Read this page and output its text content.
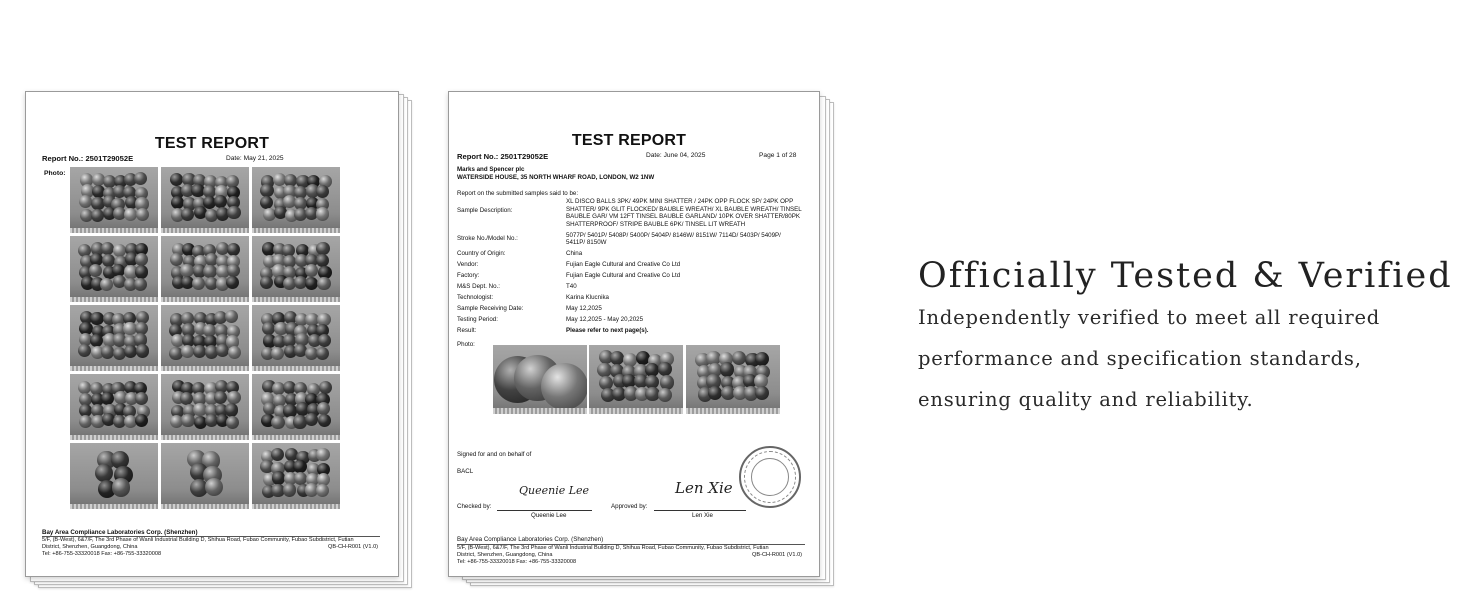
TEST REPORT
Report No.: 2501T29052E	Date: May 21, 2025
Photo:
Bay Area Compliance Laboratories Corp. (Shenzhen)
5/F, (B-West), 6&7/F, The 3rd Phase of Wanli Industrial Building D, Shihua Road, Fubao Community, Fubao Subdistrict, Futian
District, Shenzhen, Guangdong, China	QB-CH-R001 (V1.0)
Tel: +86-755-33320018 Fax: +86-755-33320008
TEST REPORT
Report No.: 2501T29052E	Date: June 04, 2025	Page 1 of 28
Marks and Spencer plc
WATERSIDE HOUSE, 35 NORTH WHARF ROAD, LONDON, W2 1NW
Report on the submitted samples said to be:
Sample Description:
XL DISCO BALLS 3PK/ 49PK MINI SHATTER / 24PK OPP FLOCK SP/ 24PK OPP
SHATTER/ 9PK GLIT FLOCKED/ BAUBLE WREATH/ XL BAUBLE WREATH/ TINSEL
BAUBLE GAR/ VM 12FT TINSEL BAUBLE GARLAND/ 10PK OVER SHATTER/80PK
SHATTERPROOF/ STRIPE BAUBLE 6PK/ TINSEL LIT WREATH
Stroke No./Model No.:	5077P/ 5401P/ 5408P/ 5400P/ 5404P/ 8146W/ 8151W/ 7114D/ 5403P/ 5409P/
5411P/ 8150W
Country of Origin:	China
Vendor:	Fujian Eagle Cultural and Creative Co Ltd
Factory:	Fujian Eagle Cultural and Creative Co Ltd
M&S Dept. No.:	T40
Technologist:	Karina Klucnika
Sample Receiving Date:	May 12,2025
Testing Period:	May 12,2025 - May 20,2025
Result:	Please refer to next page(s).
Photo:
Signed for and on behalf of
BACL
Queenie Lee	Len Xie
Checked by:	Approved by:
Queenie Lee	Len Xie
Bay Area Compliance Laboratories Corp. (Shenzhen)
5/F, (B-West), 6&7/F, The 3rd Phase of Wanli Industrial Building D, Shihua Road, Fubao Community, Fubao Subdistrict, Futian
District, Shenzhen, Guangdong, China	QB-CH-R001 (V1.0)
Tel: +86-755-33320018 Fax: +86-755-33320008
Officially Tested & Verified

Independently verified to meet all required
performance and specification standards,
ensuring quality and reliability.
